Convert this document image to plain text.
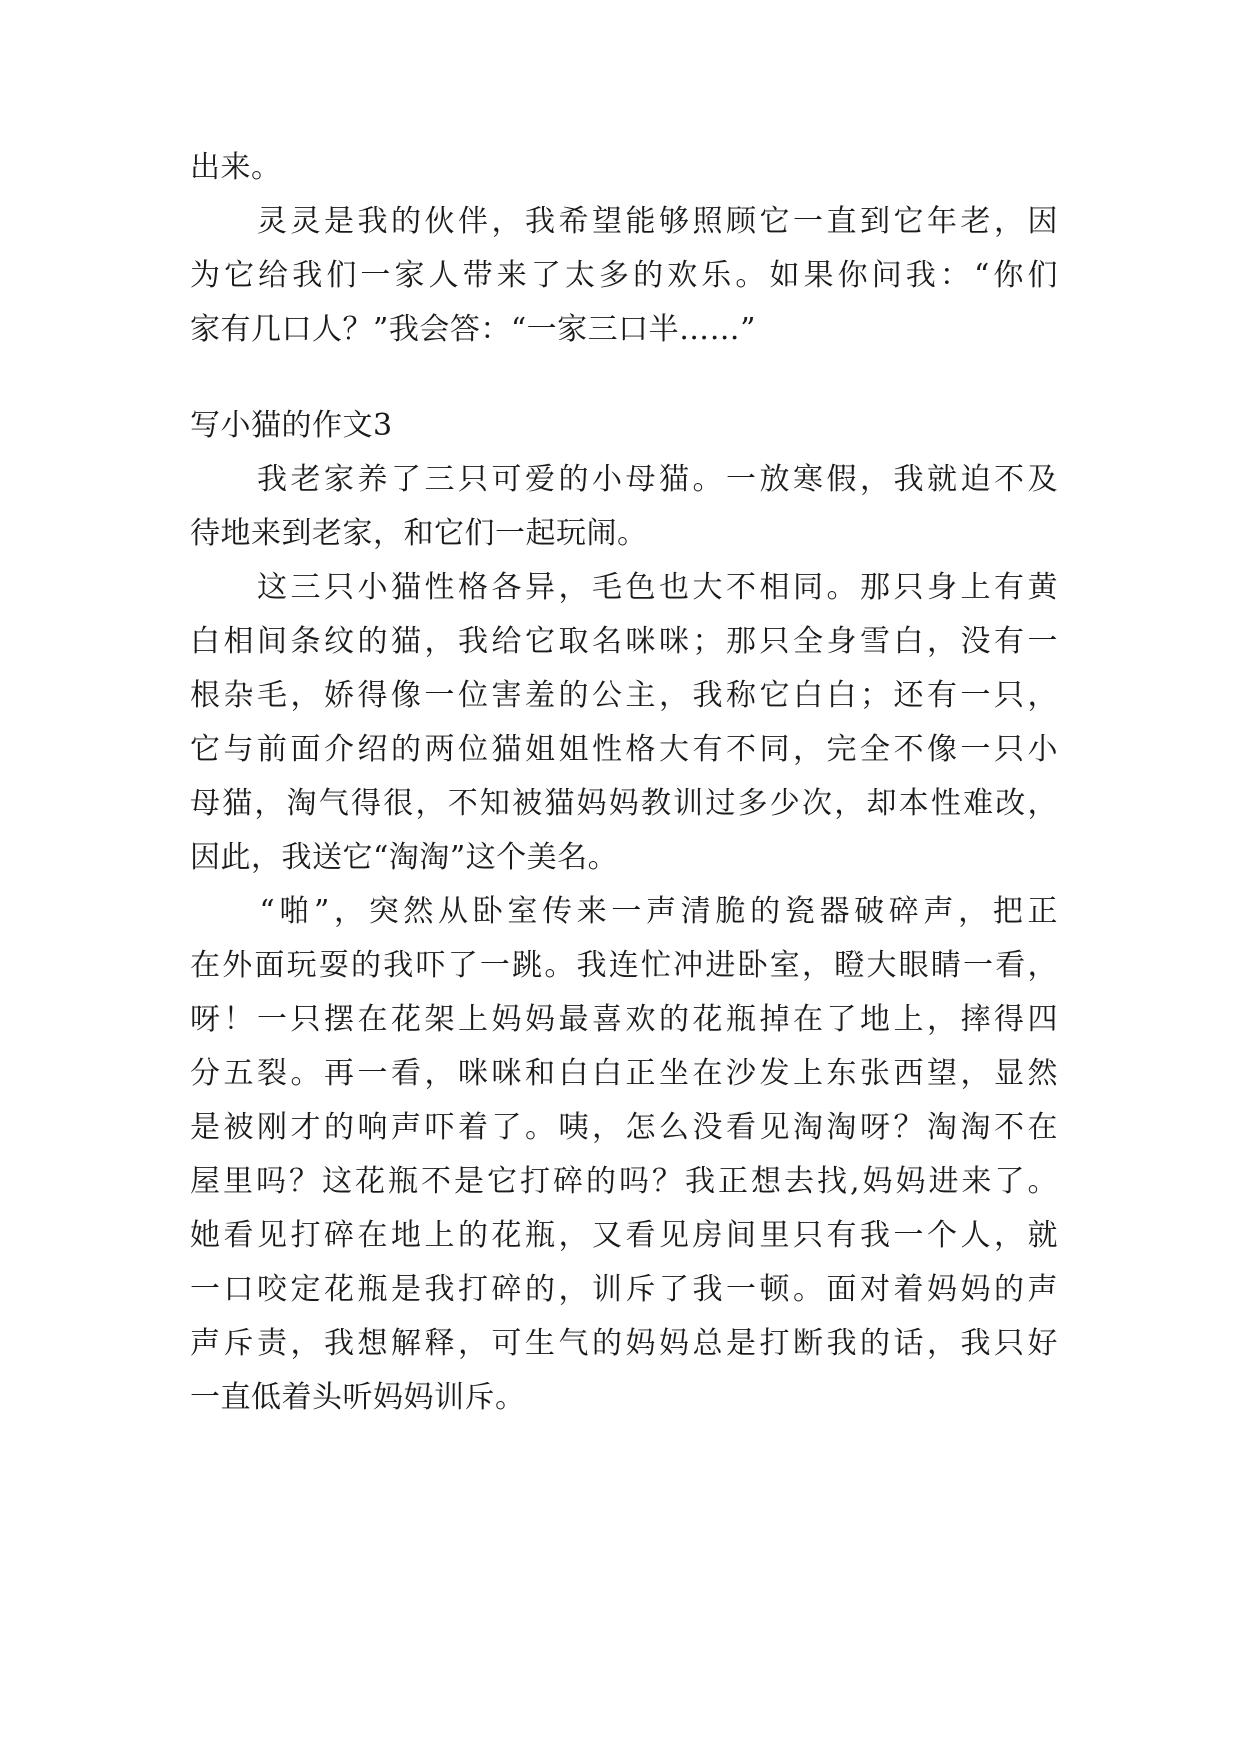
出来。
　　灵灵是我的伙伴，我希望能够照顾它一直到它年老，因
为它给我们一家人带来了太多的欢乐。如果你问我：“你们
家有几口人？”我会答：“一家三口半……”
写小猫的作文3
　　我老家养了三只可爱的小母猫。一放寒假，我就迫不及
待地来到老家，和它们一起玩闹。
　　这三只小猫性格各异，毛色也大不相同。那只身上有黄
白相间条纹的猫，我给它取名咪咪；那只全身雪白，没有一
根杂毛，娇得像一位害羞的公主，我称它白白；还有一只，
它与前面介绍的两位猫姐姐性格大有不同，完全不像一只小
母猫，淘气得很，不知被猫妈妈教训过多少次，却本性难改，
因此，我送它“淘淘”这个美名。
　　“啪”，突然从卧室传来一声清脆的瓷器破碎声，把正
在外面玩耍的我吓了一跳。我连忙冲进卧室，瞪大眼睛一看，
呀！一只摆在花架上妈妈最喜欢的花瓶掉在了地上，摔得四
分五裂。再一看，咪咪和白白正坐在沙发上东张西望，显然
是被刚才的响声吓着了。咦，怎么没看见淘淘呀？淘淘不在
屋里吗？这花瓶不是它打碎的吗？我正想去找,妈妈进来了。
她看见打碎在地上的花瓶，又看见房间里只有我一个人，就
一口咬定花瓶是我打碎的，训斥了我一顿。面对着妈妈的声
声斥责，我想解释，可生气的妈妈总是打断我的话，我只好
一直低着头听妈妈训斥。
